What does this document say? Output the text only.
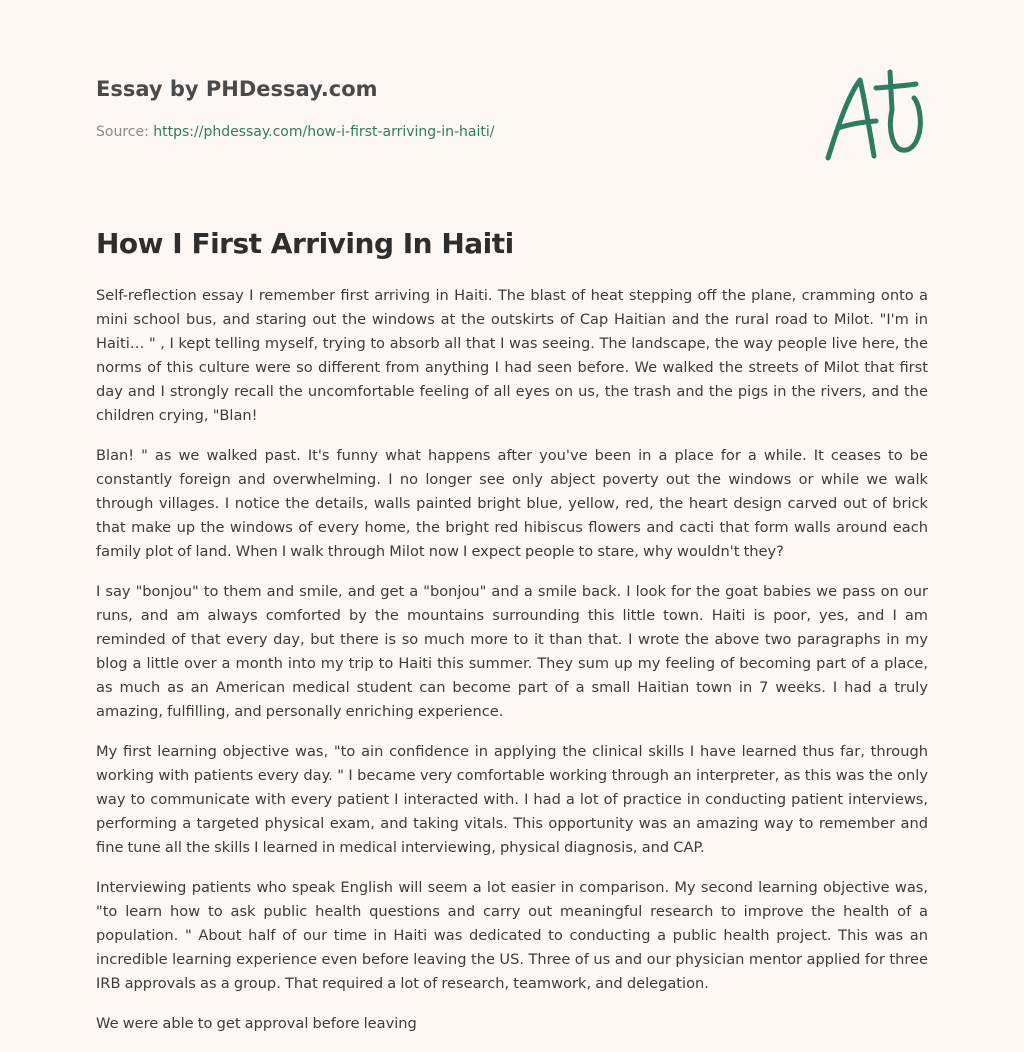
Essay by PHDessay.com
Source: https://phdessay.com/how-i-first-arriving-in-haiti/
How I First Arriving In Haiti

Self-reflection essay I remember first arriving in Haiti. The blast of heat stepping off the plane, cramming onto a mini school bus, and staring out the windows at the outskirts of Cap Haitian and the rural road to Milot. "I'm in Haiti… " , I kept telling myself, trying to absorb all that I was seeing. The landscape, the way people live here, the norms of this culture were so different from anything I had seen before. We walked the streets of Milot that first day and I strongly recall the uncomfortable feeling of all eyes on us, the trash and the pigs in the rivers, and the children crying, "Blan!

Blan! " as we walked past. It's funny what happens after you've been in a place for a while. It ceases to be constantly foreign and overwhelming. I no longer see only abject poverty out the windows or while we walk through villages. I notice the details, walls painted bright blue, yellow, red, the heart design carved out of brick that make up the windows of every home, the bright red hibiscus flowers and cacti that form walls around each family plot of land. When I walk through Milot now I expect people to stare, why wouldn't they?

I say "bonjou" to them and smile, and get a "bonjou" and a smile back. I look for the goat babies we pass on our runs, and am always comforted by the mountains surrounding this little town. Haiti is poor, yes, and I am reminded of that every day, but there is so much more to it than that. I wrote the above two paragraphs in my blog a little over a month into my trip to Haiti this summer. They sum up my feeling of becoming part of a place, as much as an American medical student can become part of a small Haitian town in 7 weeks. I had a truly amazing, fulfilling, and personally enriching experience.

My first learning objective was, "to ain confidence in applying the clinical skills I have learned thus far, through working with patients every day. " I became very comfortable working through an interpreter, as this was the only way to communicate with every patient I interacted with. I had a lot of practice in conducting patient interviews, performing a targeted physical exam, and taking vitals. This opportunity was an amazing way to remember and fine tune all the skills I learned in medical interviewing, physical diagnosis, and CAP.

Interviewing patients who speak English will seem a lot easier in comparison. My second learning objective was, "to learn how to ask public health questions and carry out meaningful research to improve the health of a population. " About half of our time in Haiti was dedicated to conducting a public health project. This was an incredible learning experience even before leaving the US. Three of us and our physician mentor applied for three IRB approvals as a group. That required a lot of research, teamwork, and delegation.

We were able to get approval before leaving
